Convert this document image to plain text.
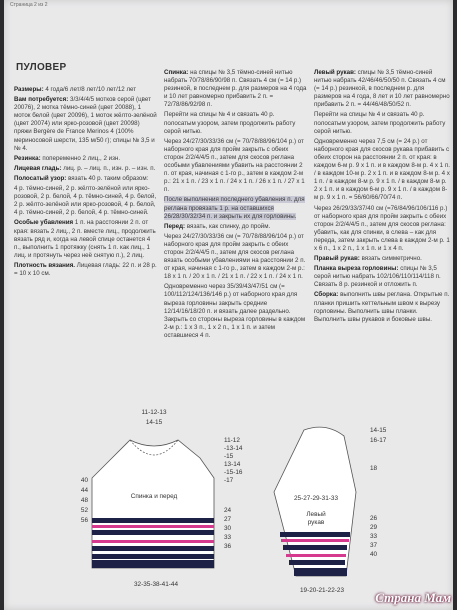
Страница 2 из 2
ПУЛОВЕР

Размеры: 4 года/6 лет/8 лет/10 лет/12 лет

Вам потребуется: 3/3/4/4/5 мотков серой (цвет 20076), 2 мотка тёмно-синей (цвет 20088), 1 моток белой (цвет 20096), 1 моток жёлто-зелёной (цвет 20074) или ярко-розовой (цвет 20098) пряжи Bergère de France Merinos 4 (100% мериносовой шерсти, 135 м/50 г); спицы № 3,5 и № 4.

Резинка: попеременно 2 лиц., 2 изн.

Лицевая гладь: лиц. р. – лиц. п., изн. р. – изн. п.

Полосатый узор: вязать 40 р. таким образом:

4 р. тёмно-синей, 2 р. жёлто-зелёной или ярко-розовой, 2 р. белой, 4 р. тёмно-синей, 4 р. белой, 2 р. жёлто-зелёной или ярко-розовой, 4 р. белой, 4 р. тёмно-синей, 2 р. белой, 4 р. тёмно-синей.

Особые убавления 1 п. на расстоянии 2 п. от края: вязать 2 лиц., 2 п. вместе лиц., продолжить вязать ряд и, когда на левой спице останется 4 п., выполнить 1 протяжку (снять 1 п. как лиц., 1 лиц. и протянуть через неё снятую п.), 2 лиц.

Плотность вязания. Лицевая гладь: 22 п. и 28 р. = 10 х 10 см.

Спинка: на спицы № 3,5 тёмно-синей нитью набрать 70/78/86/90/98 п. Связать 4 см (= 14 р.) резинкой, в последнем р. для размеров на 4 года и 10 лет равномерно прибавить 2 п. = 72/78/86/92/98 п.

Перейти на спицы № 4 и связать 40 р. полосатым узором, затем продолжить работу серой нитью.

Через 24/27/30/33/36 см (= 70/78/88/96/104 р.) от наборного края для пройм закрыть с обеих сторон 2/2/4/4/5 п., затем для скосов реглана особыми убавлениями убавить на расстоянии 2 п. от края, начиная с 1-го р., затем в каждом 2-м р.: 21 х 1 п. / 23 х 1 п. / 24 х 1 п. / 26 х 1 п. / 27 х 1 п.

После выполнения последнего убавления п. для реглана провязать 1 р. на оставшихся 26/28/30/32/34 п. и закрыть их для горловины.

Перед: вязать, как спинку, до пройм.

Через 24/27/30/33/36 см (= 70/78/88/96/104 р.) от наборного края для пройм закрыть с обеих сторон 2/2/4/4/5 п., затем для скосов реглана вязать особыми убавлениями на расстоянии 2 п. от края, начиная с 1-го р., затем в каждом 2-м р.: 18 х 1 п. / 20 х 1 п. / 21 х 1 п. / 22 х 1 п. / 24 х 1 п.

Одновременно через 35/39/43/47/51 см (= 100/112/124/136/146 р.) от наборного края для выреза горловины закрыть средние 12/14/16/18/20 п. и вязать далее раздельно. Закрыть со стороны выреза горловины в каждом 2-м р.: 1 х 3 п., 1 х 2 п., 1 х 1 п. и затем оставшиеся 4 п.

Левый рукав: спицы № 3,5 тёмно-синей нитью набрать 42/46/46/50/50 п. Связать 4 см (= 14 р.) резинкой, в последнем р. для размеров на 4 года, 8 лет и 10 лет равномерно прибавить 2 п. = 44/46/48/50/52 п.

Перейти на спицы № 4 и связать 40 р. полосатым узором, затем продолжить работу серой нитью.

Одновременно через 7,5 см (= 24 р.) от наборного края для скосов рукава прибавить с обеих сторон на расстоянии 2 п. от края: в каждом 6-м р. 9 х 1 п. и в каждом 8-м р. 4 х 1 п. / в каждом 10-м р. 2 х 1 п. и в каждом 8-м р. 4 х 1 п. / в каждом 8-м р. 9 х 1 п. / в каждом 8-м р. 2 х 1 п. и в каждом 6-м р. 9 х 1 п. / в каждом 8-м р. 9 х 1 п. = 56/60/66/70/74 п.

Через 26/29/33/37/40 см (=76/84/96/106/116 р.) от наборного края для пройм закрыть с обеих сторон 2/2/4/4/5 п., затем для скосов реглана: убавить, как для спинки, в слева – как для переда, затем закрыть слева в каждом 2-м р. 1 х 6 п., 1 х 2 п., 1 х 1 п. и 1 х 4 п.

Правый рукав: вязать симметрично.

Планка выреза горловины: спицы № 3,5 серой нитью набрать 102/106/110/114/118 п. Связать 8 р. резинкой и отложить п.

Сборка: выполнить швы реглана. Открытые п. планки пришить кеттельным швом к вырезу горловины. Выполнить швы планки. Выполнить швы рукавов и боковые швы.

11-12-13
14-15
Спинка и перед
32-35-38-41-44
40
44
48
52
56
11-12
-13-14
-15
13-14
-15-16
-17
24
27
30
33
36
25-27-29-31-33
Левый
рукав
19-20-21-22-23
14-15
16-17
18
26
29
33
37
40
Страна Мам
